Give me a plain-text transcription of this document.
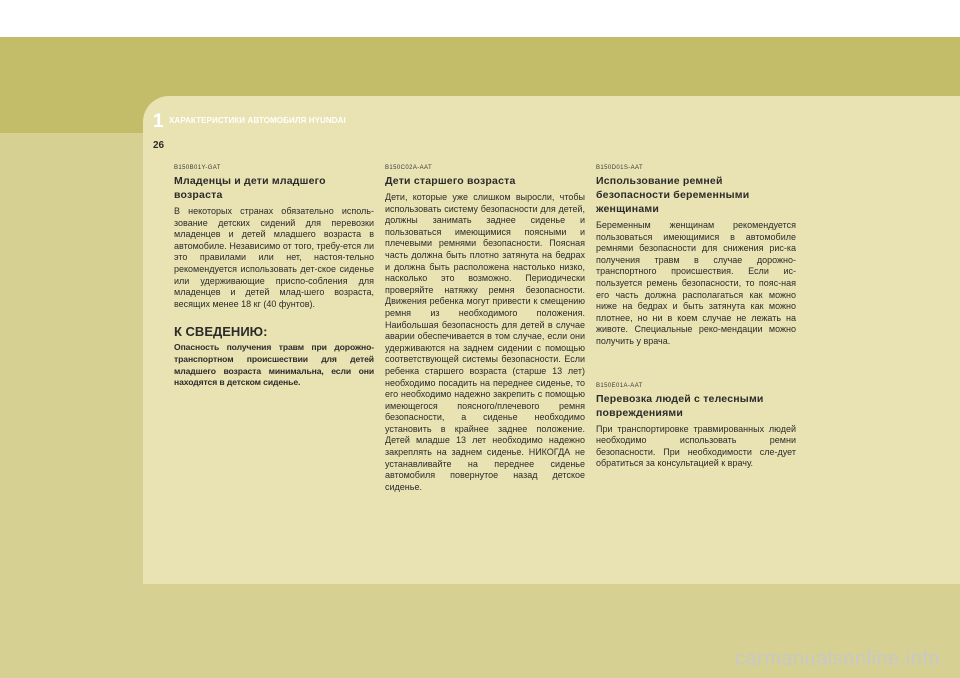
1 ХАРАКТЕРИСТИКИ АВТОМОБИЛЯ HYUNDAI
26
B150B01Y-GAT
Младенцы и дети младшего возраста
В некоторых странах обязательно исполь-зование детских сидений для перевозки младенцев и детей младшего возраста в автомобиле. Независимо от того, требу-ется ли это правилами или нет, настоя-тельно рекомендуется использовать дет-ское сиденье или удерживающие приспо-собления для младенцев и детей млад-шего возраста, весящих менее 18 кг (40 фунтов).
К СВЕДЕНИЮ:
Опасность получения травм при дорожно-транспортном происшествии для детей младшего возраста минимальна, если они находятся в детском сиденье.
B150C02A-AAT
Дети старшего возраста
Дети, которые уже слишком выросли, чтобы использовать систему безопасности для детей, должны занимать заднее сиденье и пользоваться имеющимися поясными и плечевыми ремнями безопасности. Поясная часть должна быть плотно затянута на бедрах и должна быть расположена настолько низко, насколько это возможно. Периодически проверяйте натяжку ремня безопасности. Движения ребенка могут привести к смещению ремня из необходимого положения. Наибольшая безопасность для детей в случае аварии обеспечивается в том случае, если они удерживаются на заднем сидении с помощью соответствующей системы безопасности. Если ребенка старшего возраста (старше 13 лет) необходимо посадить на переднее сиденье, то его необходимо надежно закрепить с помощью имеющегося поясного/плечевого ремня безопасности, а сиденье необходимо установить в крайнее заднее положение. Детей младше 13 лет необходимо надежно закреплять на заднем сиденье. НИКОГДА не устанавливайте на переднее сиденье автомобиля повернутое назад детское сиденье.
B150D01S-AAT
Использование ремней безопасности беременными женщинами
Беременным женщинам рекомендуется пользоваться имеющимися в автомобиле ремнями безопасности для снижения рис-ка получения травм в случае дорожно-транспортного происшествия. Если ис-пользуется ремень безопасности, то пояс-ная его часть должна располагаться как можно ниже на бедрах и быть затянута как можно плотнее, но ни в коем случае не лежать на животе. Специальные реко-мендации можно получить у врача.
B150E01A-AAT
Перевозка людей с телесными повреждениями
При транспортировке травмированных людей необходимо использовать ремни безопасности. При необходимости сле-дует обратиться за консультацией к врачу.
carmanualsonline.info
